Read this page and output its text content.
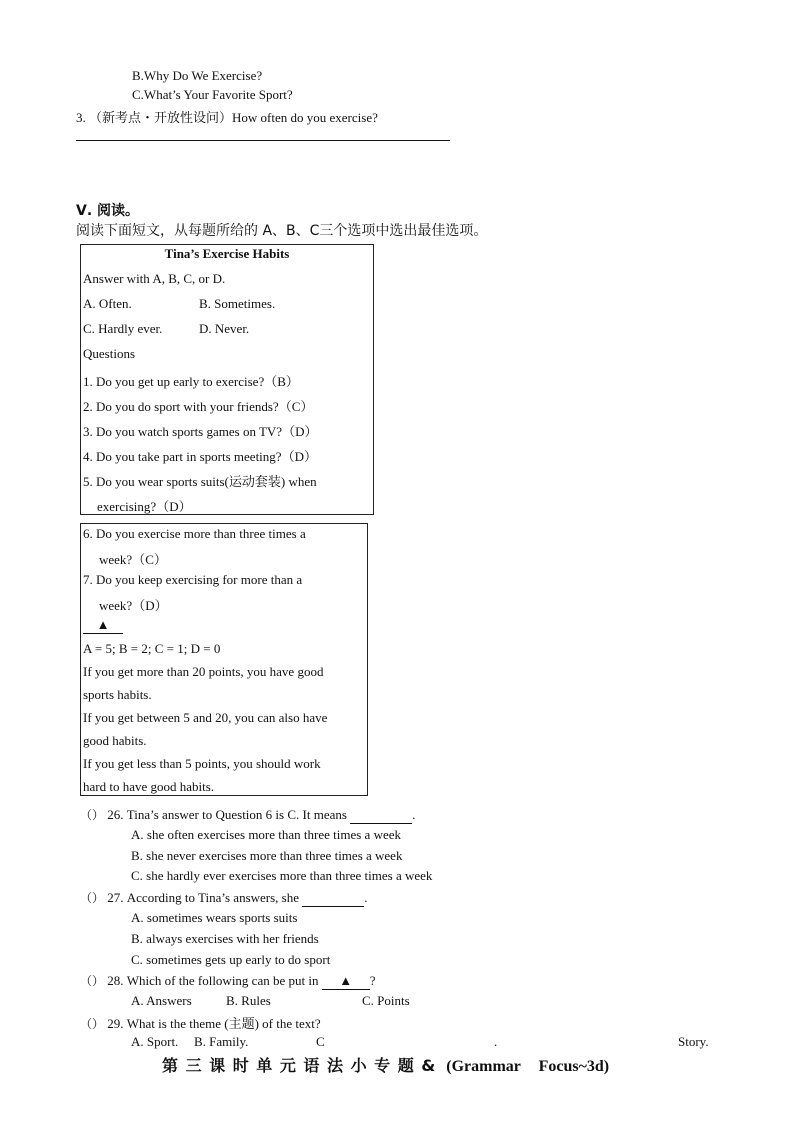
B.Why Do We Exercise?
C.What’s Your Favorite Sport?
3. （新考点・开放性设问）How often do you exercise?
Ⅴ. 阅读。
阅读下面短文，从每题所给的 A、B、C三个选项中选出最佳选项。
Tina’s Exercise Habits
Answer with A, B, C, or D.
A. Often.	B. Sometimes.
C. Hardly ever.	D. Never.
Questions
1. Do you get up early to exercise?（B）
2. Do you do sport with your friends?（C）
3. Do you watch sports games on TV?（D）
4. Do you take part in sports meeting?（D）
5. Do you wear sports suits(运动套装) when
exercising?（D）
6. Do you exercise more than three times a
week?（C）
7. Do you keep exercising for more than a
week?（D）
▲
A = 5; B = 2; C = 1; D = 0
If you get more than 20 points, you have good
sports habits.
If you get between 5 and 20, you can also have
good habits.
If you get less than 5 points, you should work
hard to have good habits.
（） 26. Tina’s answer to Question 6 is C. It means	.
A. she often exercises more than three times a week
B. she never exercises more than three times a week
C. she hardly ever exercises more than three times a week
（） 27. According to Tina’s answers, she	.
A. sometimes wears sports suits
B. always exercises with her friends
C. sometimes gets up early to do sport
（） 28. Which of the following can be put in ▲ ?
A. Answers	B. Rules	C. Points
（） 29. What is the theme (主题) of the text?
A. Sport. B. Family.	C	.	Story.
第 三 课 时 单 元 语 法 小 专 题 & (Grammar Focus~3d)
